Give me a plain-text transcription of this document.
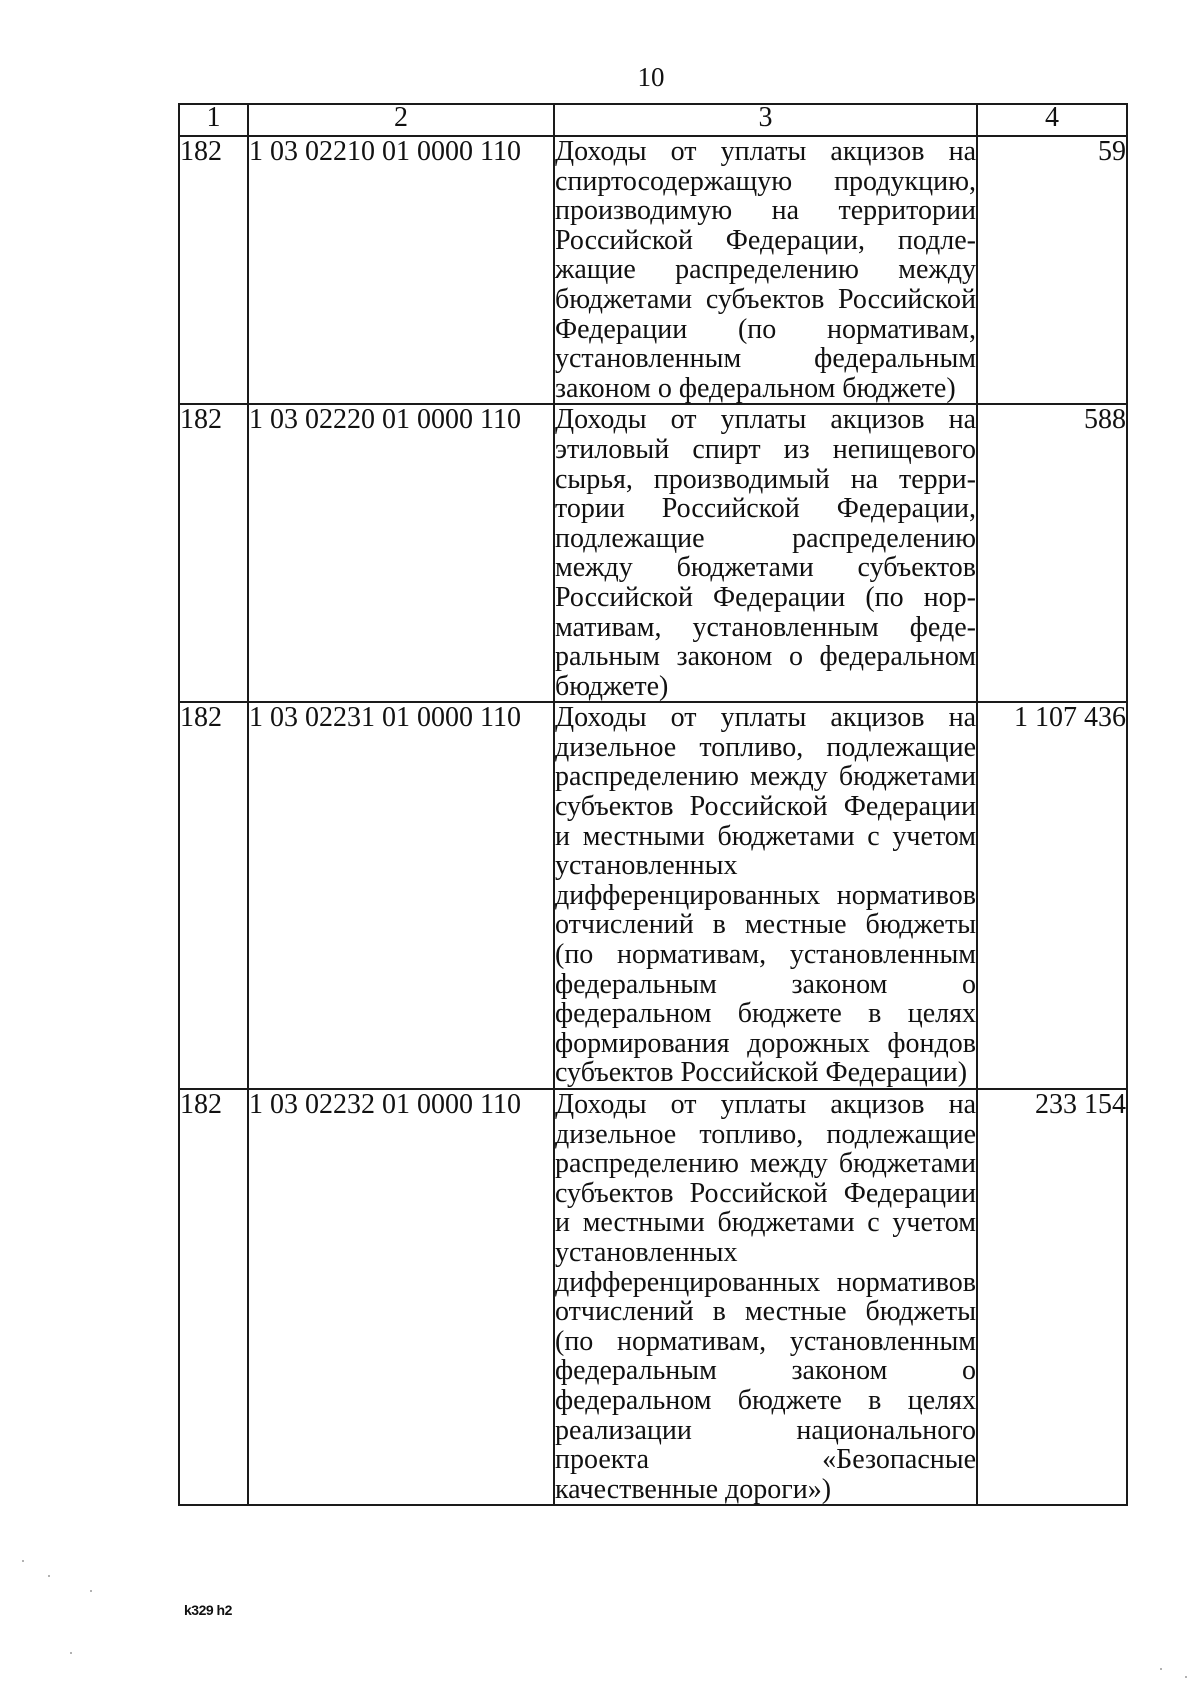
10
1	2	3	4
182	1 03 02210 01 0000 110	Доходы от уплаты акцизов на спиртосодержащую продукцию, производимую на территории Российской Федерации, подлежащие распределению между бюджетами субъектов Российской Федерации (по нормативам, установленным федеральным законом о федеральном бюджете)	59
182	1 03 02220 01 0000 110	Доходы от уплаты акцизов на этиловый спирт из непищевого сырья, производимый на территории Российской Федерации, подлежащие распределению между бюджетами субъектов Российской Федерации (по нормативам, установленным федеральным законом о федеральном бюджете)	588
182	1 03 02231 01 0000 110	Доходы от уплаты акцизов на дизельное топливо, подлежащие распределению между бюджетами субъектов Российской Федерации и местными бюджетами с учетом установленных дифференцированных нормативов отчислений в местные бюджеты (по нормативам, установленным федеральным законом о федеральном бюджете в целях формирования дорожных фондов субъектов Российской Федерации)	1 107 436
182	1 03 02232 01 0000 110	Доходы от уплаты акцизов на дизельное топливо, подлежащие распределению между бюджетами субъектов Российской Федерации и местными бюджетами с учетом установленных дифференцированных нормативов отчислений в местные бюджеты (по нормативам, установленным федеральным законом о федеральном бюджете в целях реализации национального проекта «Безопасные качественные дороги»)	233 154
k329 h2
